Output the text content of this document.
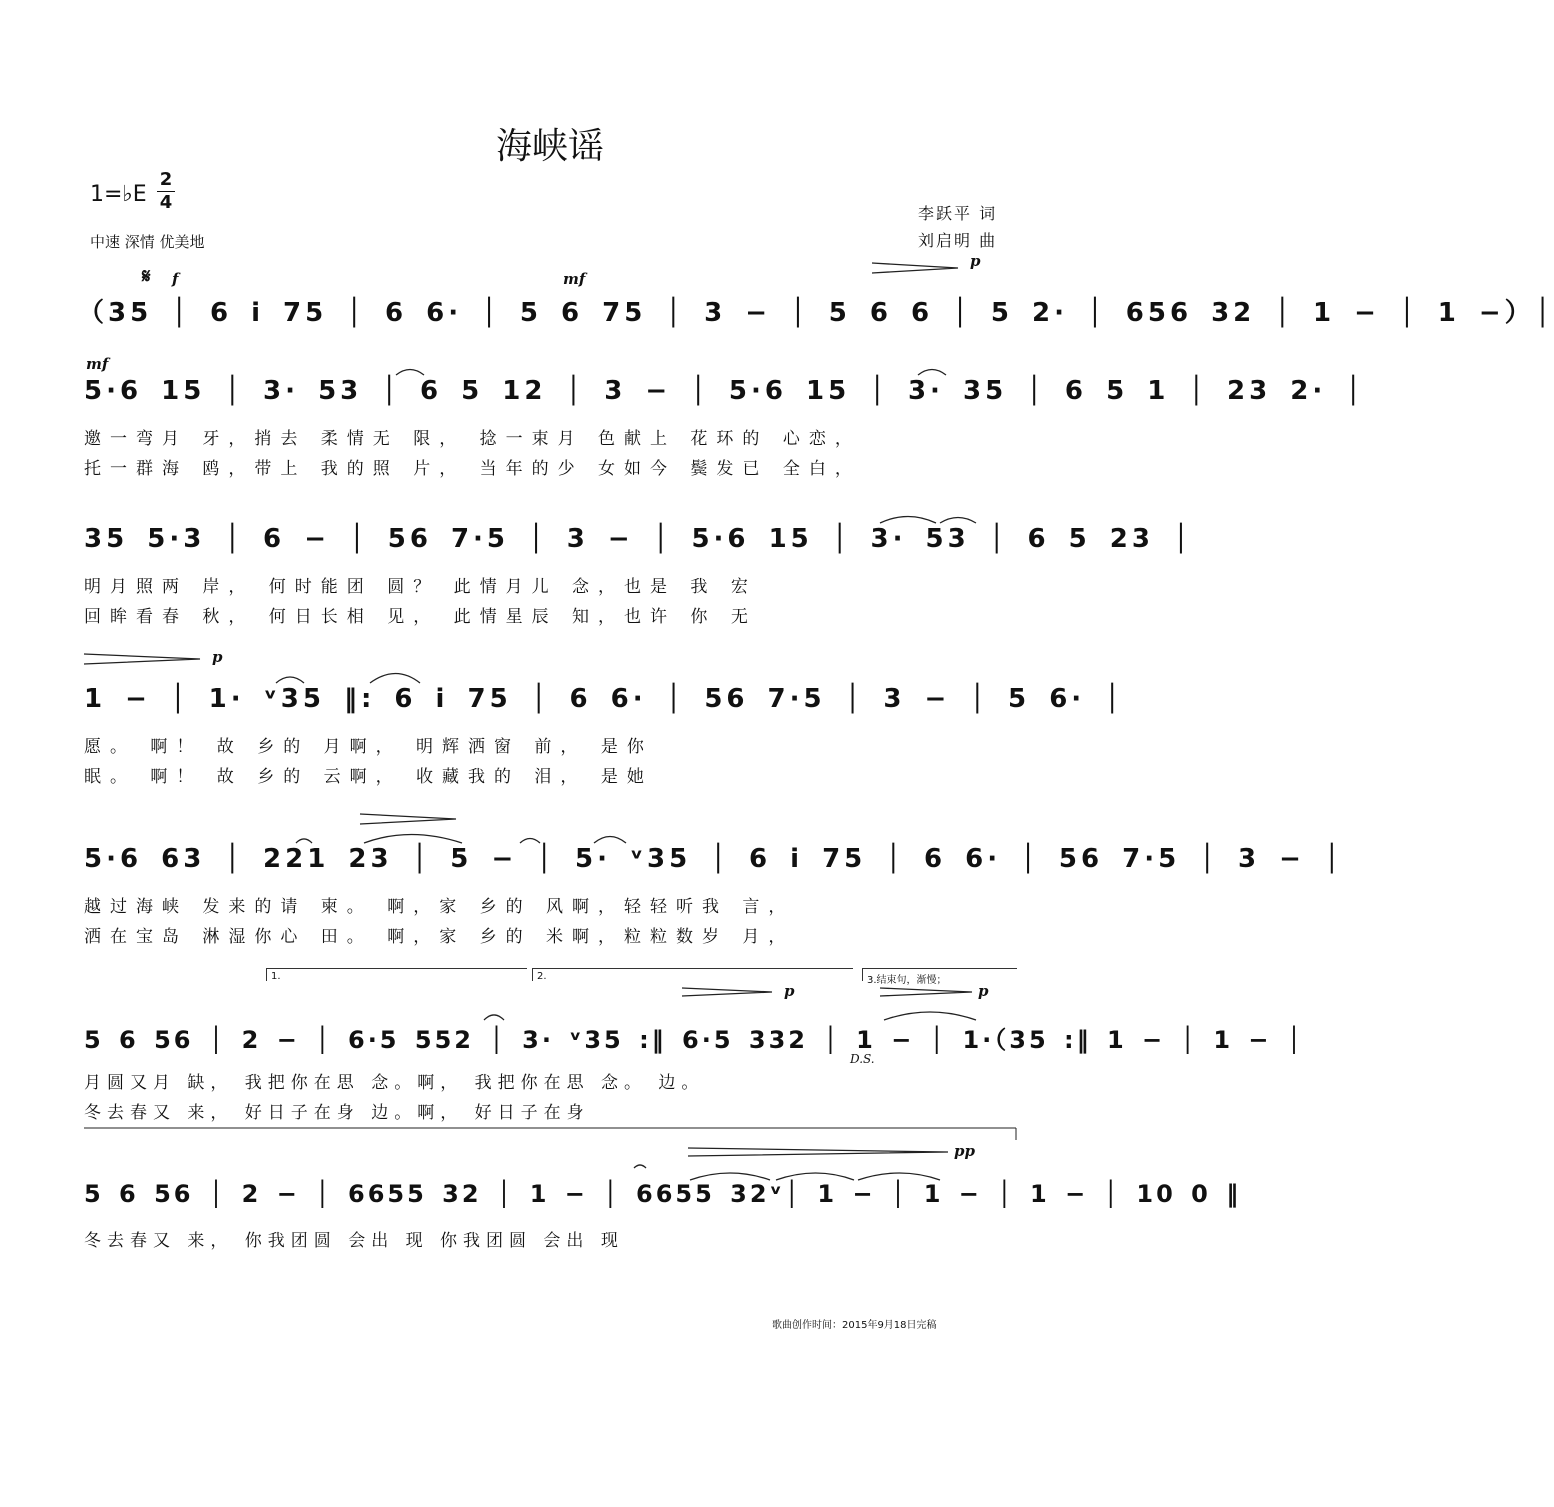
海峡谣
1=♭E
2
4
中速 深情 优美地
李跃平 词
刘启明 曲
1.	2.	3.结束句，渐慢；
𝄋 f	mf
p
mf
p
p	p
pp
D.S.
（35 │ 6 i 75 │ 6 6· │ 5 6 75 │ 3 − │ 5 6 6 │ 5 2· │ 656 32 │ 1 − │ 1 −）│
5·6 15 │ 3· 53 │ 6 5 12 │ 3 − │ 5·6 15 │ 3· 35 │ 6 5 1 │ 23 2· │
邀一弯月 牙，捎去 柔情无 限， 捻一束月 色献上 花环的 心恋，
托一群海 鸥，带上 我的照 片， 当年的少 女如今 鬓发已 全白，
35 5·3 │ 6 − │ 56 7·5 │ 3 − │ 5·6 15 │ 3· 53 │ 6 5 23 │
明月照两 岸， 何时能团 圆？ 此情月儿 念，也是 我 宏
回眸看春 秋， 何日长相 见， 此情星辰 知，也许 你 无
1 − │ 1· ᵛ35 ‖: 6 i 75 │ 6 6· │ 56 7·5 │ 3 − │ 5 6· │
愿。 啊！ 故 乡的 月啊， 明辉洒窗 前， 是你
眠。 啊！ 故 乡的 云啊， 收藏我的 泪， 是她
5·6 63 │ 221 23 │ 5 − │ 5· ᵛ35 │ 6 i 75 │ 6 6· │ 56 7·5 │ 3 − │
越过海峡 发来的请 柬。 啊，家 乡的 风啊，轻轻听我 言，
洒在宝岛 淋湿你心 田。 啊，家 乡的 米啊，粒粒数岁 月，
5 6 56 │ 2 − │ 6·5 552 │ 3· ᵛ35 :‖ 6·5 332 │ 1 − │ 1·（35 :‖ 1 − │ 1 − │
月圆又月 缺， 我把你在思 念。啊， 我把你在思 念。 边。
冬去春又 来， 好日子在身 边。啊， 好日子在身
5 6 56 │ 2 − │ 6655 32 │ 1 − │ 6655 32ᵛ│ 1 − │ 1 − │ 1 − │ 10 0 ‖
冬去春又 来， 你我团圆 会出 现 你我团圆 会出 现
歌曲创作时间：2015年9月18日完稿
